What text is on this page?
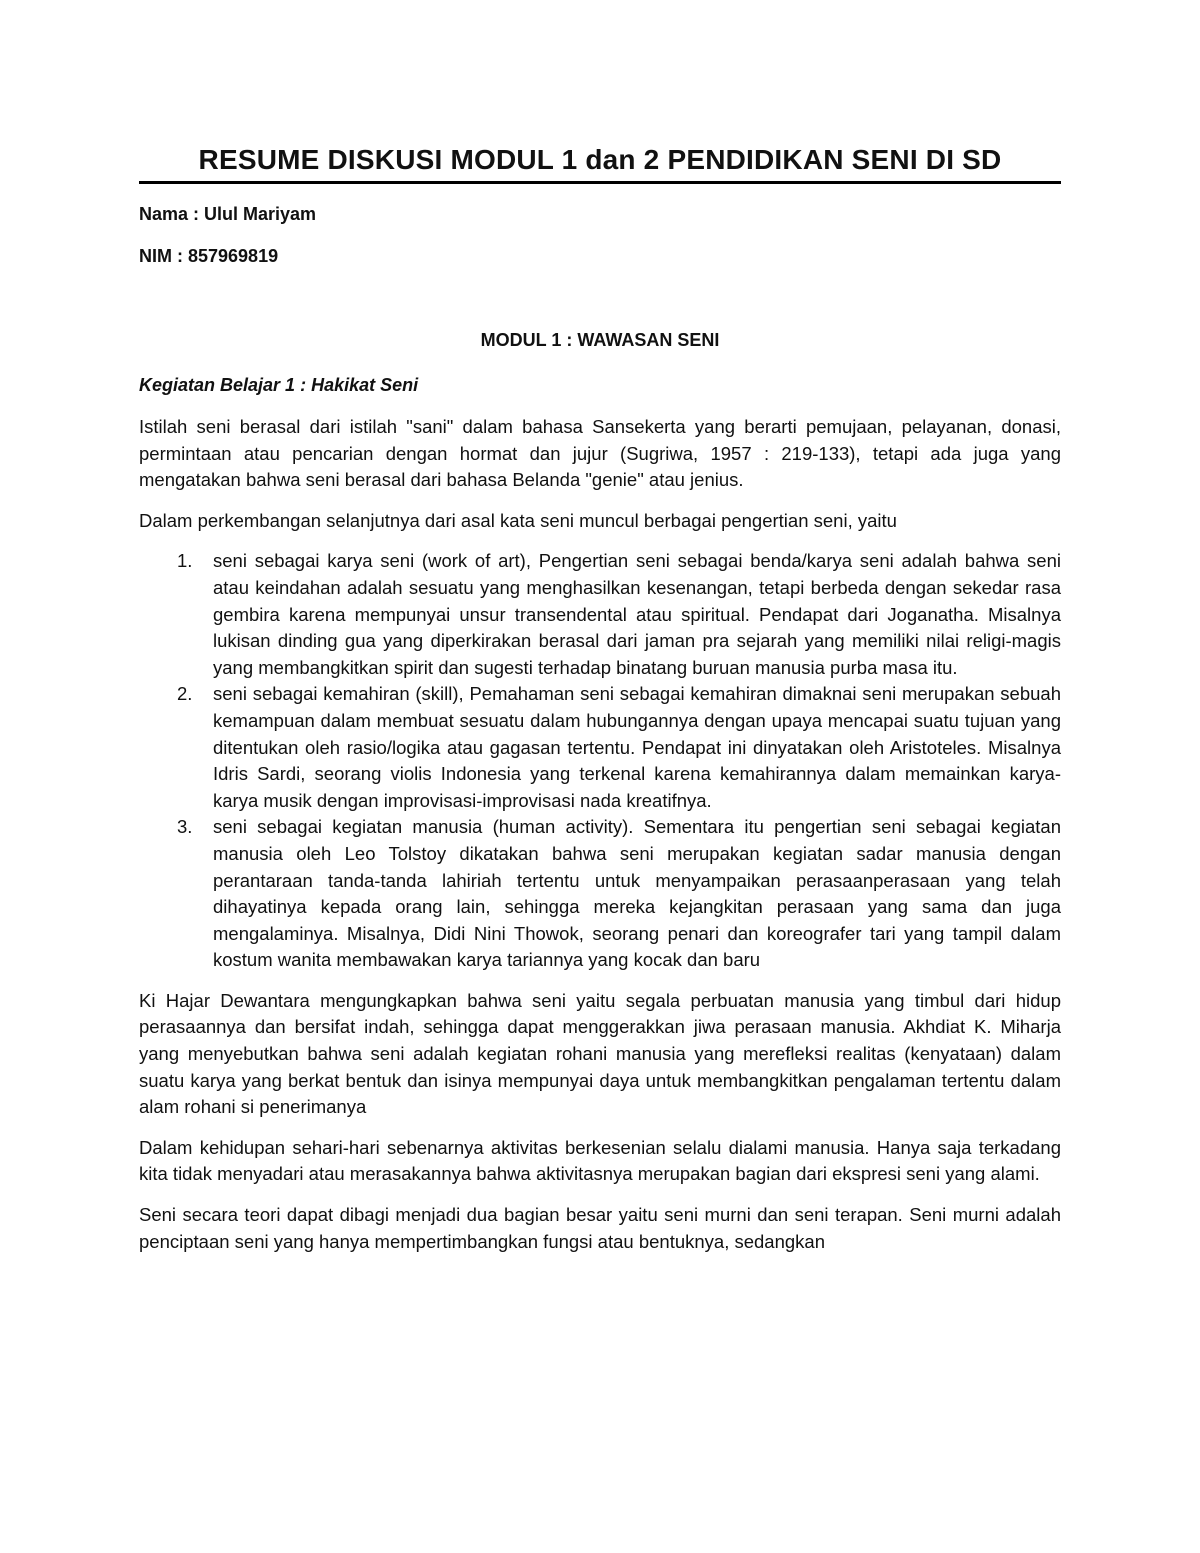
RESUME DISKUSI MODUL 1 dan 2 PENDIDIKAN SENI DI SD

Nama : Ulul Mariyam

NIM : 857969819

MODUL 1 : WAWASAN SENI
Kegiatan Belajar 1 : Hakikat Seni

Istilah seni berasal dari istilah "sani" dalam bahasa Sansekerta yang berarti pemujaan, pelayanan, donasi, permintaan atau pencarian dengan hormat dan jujur (Sugriwa, 1957 : 219-133), tetapi ada juga yang mengatakan bahwa seni berasal dari bahasa Belanda "genie" atau jenius.

Dalam perkembangan selanjutnya dari asal kata seni muncul berbagai pengertian seni, yaitu

1. seni sebagai karya seni (work of art), Pengertian seni sebagai benda/karya seni adalah bahwa seni atau keindahan adalah sesuatu yang menghasilkan kesenangan, tetapi berbeda dengan sekedar rasa gembira karena mempunyai unsur transendental atau spiritual. Pendapat dari Joganatha. Misalnya lukisan dinding gua yang diperkirakan berasal dari jaman pra sejarah yang memiliki nilai religi-magis yang membangkitkan spirit dan sugesti terhadap binatang buruan manusia purba masa itu.
2. seni sebagai kemahiran (skill), Pemahaman seni sebagai kemahiran dimaknai seni merupakan sebuah kemampuan dalam membuat sesuatu dalam hubungannya dengan upaya mencapai suatu tujuan yang ditentukan oleh rasio/logika atau gagasan tertentu. Pendapat ini dinyatakan oleh Aristoteles. Misalnya Idris Sardi, seorang violis Indonesia yang terkenal karena kemahirannya dalam memainkan karya-karya musik dengan improvisasi-improvisasi nada kreatifnya.
3. seni sebagai kegiatan manusia (human activity). Sementara itu pengertian seni sebagai kegiatan manusia oleh Leo Tolstoy dikatakan bahwa seni merupakan kegiatan sadar manusia dengan perantaraan tanda-tanda lahiriah tertentu untuk menyampaikan perasaanperasaan yang telah dihayatinya kepada orang lain, sehingga mereka kejangkitan perasaan yang sama dan juga mengalaminya. Misalnya, Didi Nini Thowok, seorang penari dan koreografer tari yang tampil dalam kostum wanita membawakan karya tariannya yang kocak dan baru

Ki Hajar Dewantara mengungkapkan bahwa seni yaitu segala perbuatan manusia yang timbul dari hidup perasaannya dan bersifat indah, sehingga dapat menggerakkan jiwa perasaan manusia. Akhdiat K. Miharja yang menyebutkan bahwa seni adalah kegiatan rohani manusia yang merefleksi realitas (kenyataan) dalam suatu karya yang berkat bentuk dan isinya mempunyai daya untuk membangkitkan pengalaman tertentu dalam alam rohani si penerimanya

Dalam kehidupan sehari-hari sebenarnya aktivitas berkesenian selalu dialami manusia. Hanya saja terkadang kita tidak menyadari atau merasakannya bahwa aktivitasnya merupakan bagian dari ekspresi seni yang alami.

Seni secara teori dapat dibagi menjadi dua bagian besar yaitu seni murni dan seni terapan. Seni murni adalah penciptaan seni yang hanya mempertimbangkan fungsi atau bentuknya, sedangkan
